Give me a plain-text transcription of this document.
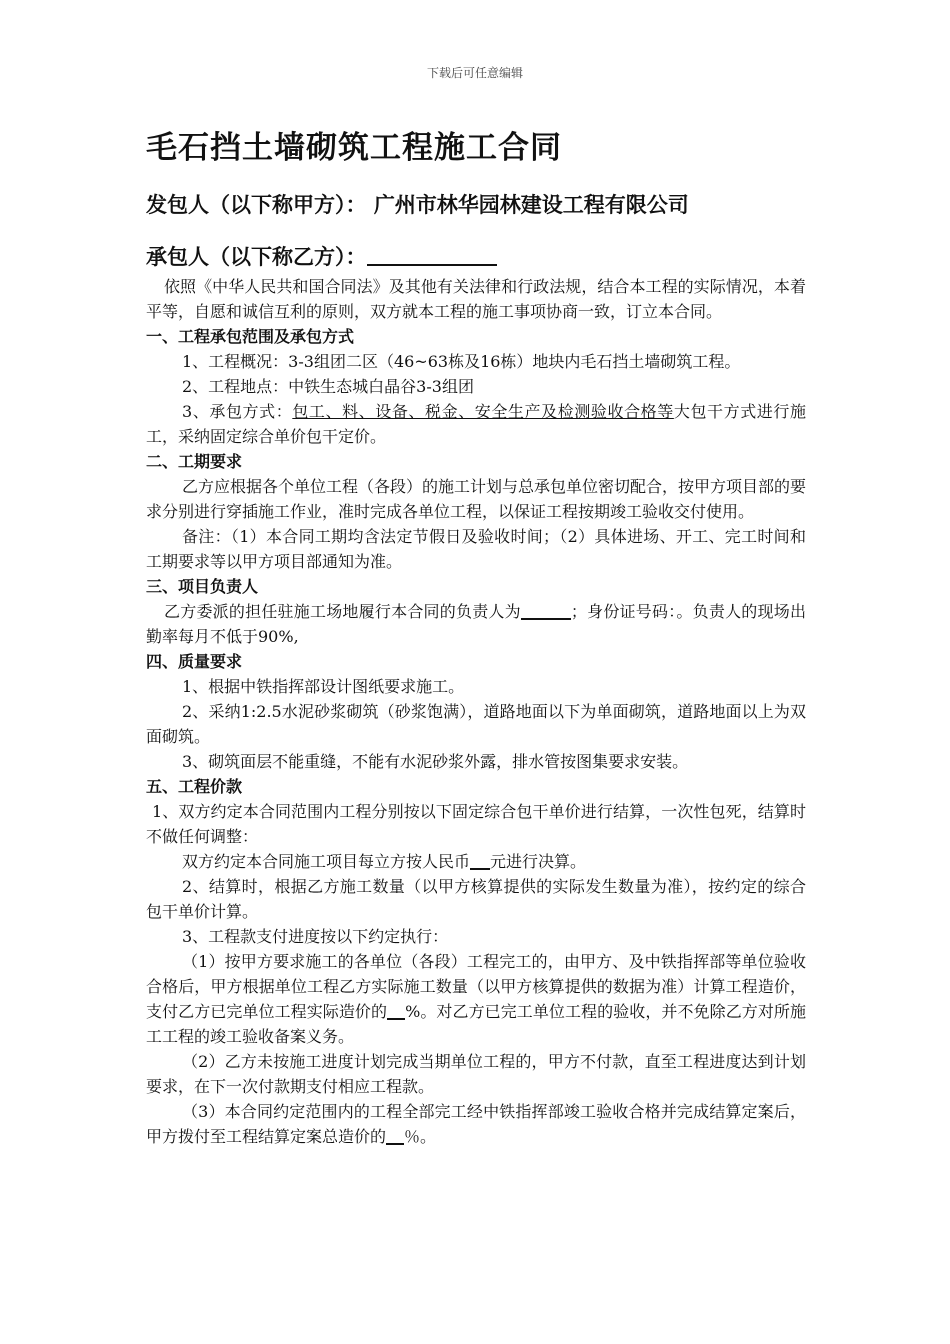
下载后可任意编辑
毛石挡土墙砌筑工程施工合同

发包人（以下称甲方）： 广州市林华园林建设工程有限公司

承包人（以下称乙方）：

依照《中华人民共和国合同法》及其他有关法律和行政法规，结合本工程的实际情况，本着平等，自愿和诚信互利的原则，双方就本工程的施工事项协商一致，订立本合同。

一、工程承包范围及承包方式

1、工程概况：3-3组团二区（46~63栋及16栋）地块内毛石挡土墙砌筑工程。

2、工程地点：中铁生态城白晶谷3-3组团

3、承包方式：包工、料、设备、税金、安全生产及检测验收合格等大包干方式进行施工，采纳固定综合单价包干定价。

二、工期要求

乙方应根据各个单位工程（各段）的施工计划与总承包单位密切配合，按甲方项目部的要求分别进行穿插施工作业，准时完成各单位工程，以保证工程按期竣工验收交付使用。

备注：（1）本合同工期均含法定节假日及验收时间；（2）具体进场、开工、完工时间和工期要求等以甲方项目部通知为准。

三、项目负责人

乙方委派的担任驻施工场地履行本合同的负责人为	；身份证号码：。负责人的现场出勤率每月不低于90%,

四、质量要求

1、根据中铁指挥部设计图纸要求施工。

2、采纳1:2.5水泥砂浆砌筑（砂浆饱满），道路地面以下为单面砌筑，道路地面以上为双面砌筑。

3、砌筑面层不能重缝，不能有水泥砂浆外露，排水管按图集要求安装。

五、工程价款

1、双方约定本合同范围内工程分别按以下固定综合包干单价进行结算，一次性包死，结算时不做任何调整：

双方约定本合同施工项目每立方按人民币 元进行决算。

2、结算时，根据乙方施工数量（以甲方核算提供的实际发生数量为准），按约定的综合包干单价计算。

3、工程款支付进度按以下约定执行：

（1）按甲方要求施工的各单位（各段）工程完工的，由甲方、及中铁指挥部等单位验收合格后，甲方根据单位工程乙方实际施工数量（以甲方核算提供的数据为准）计算工程造价，支付乙方已完单位工程实际造价的 %。对乙方已完工单位工程的验收，并不免除乙方对所施工工程的竣工验收备案义务。

（2）乙方未按施工进度计划完成当期单位工程的，甲方不付款，直至工程进度达到计划要求，在下一次付款期支付相应工程款。

（3）本合同约定范围内的工程全部完工经中铁指挥部竣工验收合格并完成结算定案后，甲方拨付至工程结算定案总造价的 ％。
